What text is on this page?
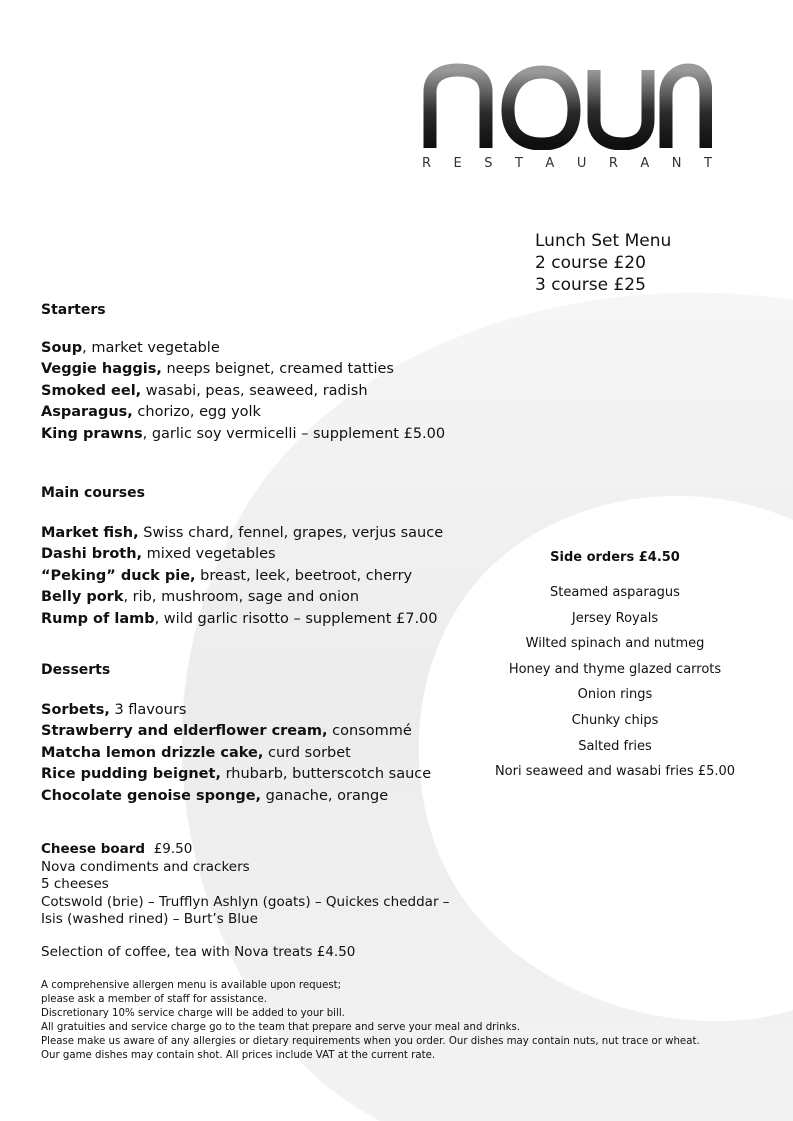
R E S T A U R A N T
Lunch Set Menu
2 course £20
3 course £25
Starters
Soup, market vegetable
Veggie haggis, neeps beignet, creamed tatties
Smoked eel, wasabi, peas, seaweed, radish
Asparagus, chorizo, egg yolk
King prawns, garlic soy vermicelli – supplement £5.00
Main courses
Market fish, Swiss chard, fennel, grapes, verjus sauce
Dashi broth, mixed vegetables
“Peking” duck pie, breast, leek, beetroot, cherry
Belly pork, rib, mushroom, sage and onion
Rump of lamb, wild garlic risotto – supplement £7.00
Desserts
Sorbets, 3 flavours
Strawberry and elderflower cream, consommé
Matcha lemon drizzle cake, curd sorbet
Rice pudding beignet, rhubarb, butterscotch sauce
Chocolate genoise sponge, ganache, orange
Cheese board £9.50
Nova condiments and crackers
5 cheeses
Cotswold (brie) – Trufflyn Ashlyn (goats) – Quickes cheddar –
Isis (washed rined) – Burt’s Blue
Selection of coffee, tea with Nova treats £4.50
A comprehensive allergen menu is available upon request;
please ask a member of staff for assistance.
Discretionary 10% service charge will be added to your bill.
All gratuities and service charge go to the team that prepare and serve your meal and drinks.
Please make us aware of any allergies or dietary requirements when you order. Our dishes may contain nuts, nut trace or wheat.
Our game dishes may contain shot. All prices include VAT at the current rate.
Side orders £4.50
Steamed asparagus
Jersey Royals
Wilted spinach and nutmeg
Honey and thyme glazed carrots
Onion rings
Chunky chips
Salted fries
Nori seaweed and wasabi fries £5.00
